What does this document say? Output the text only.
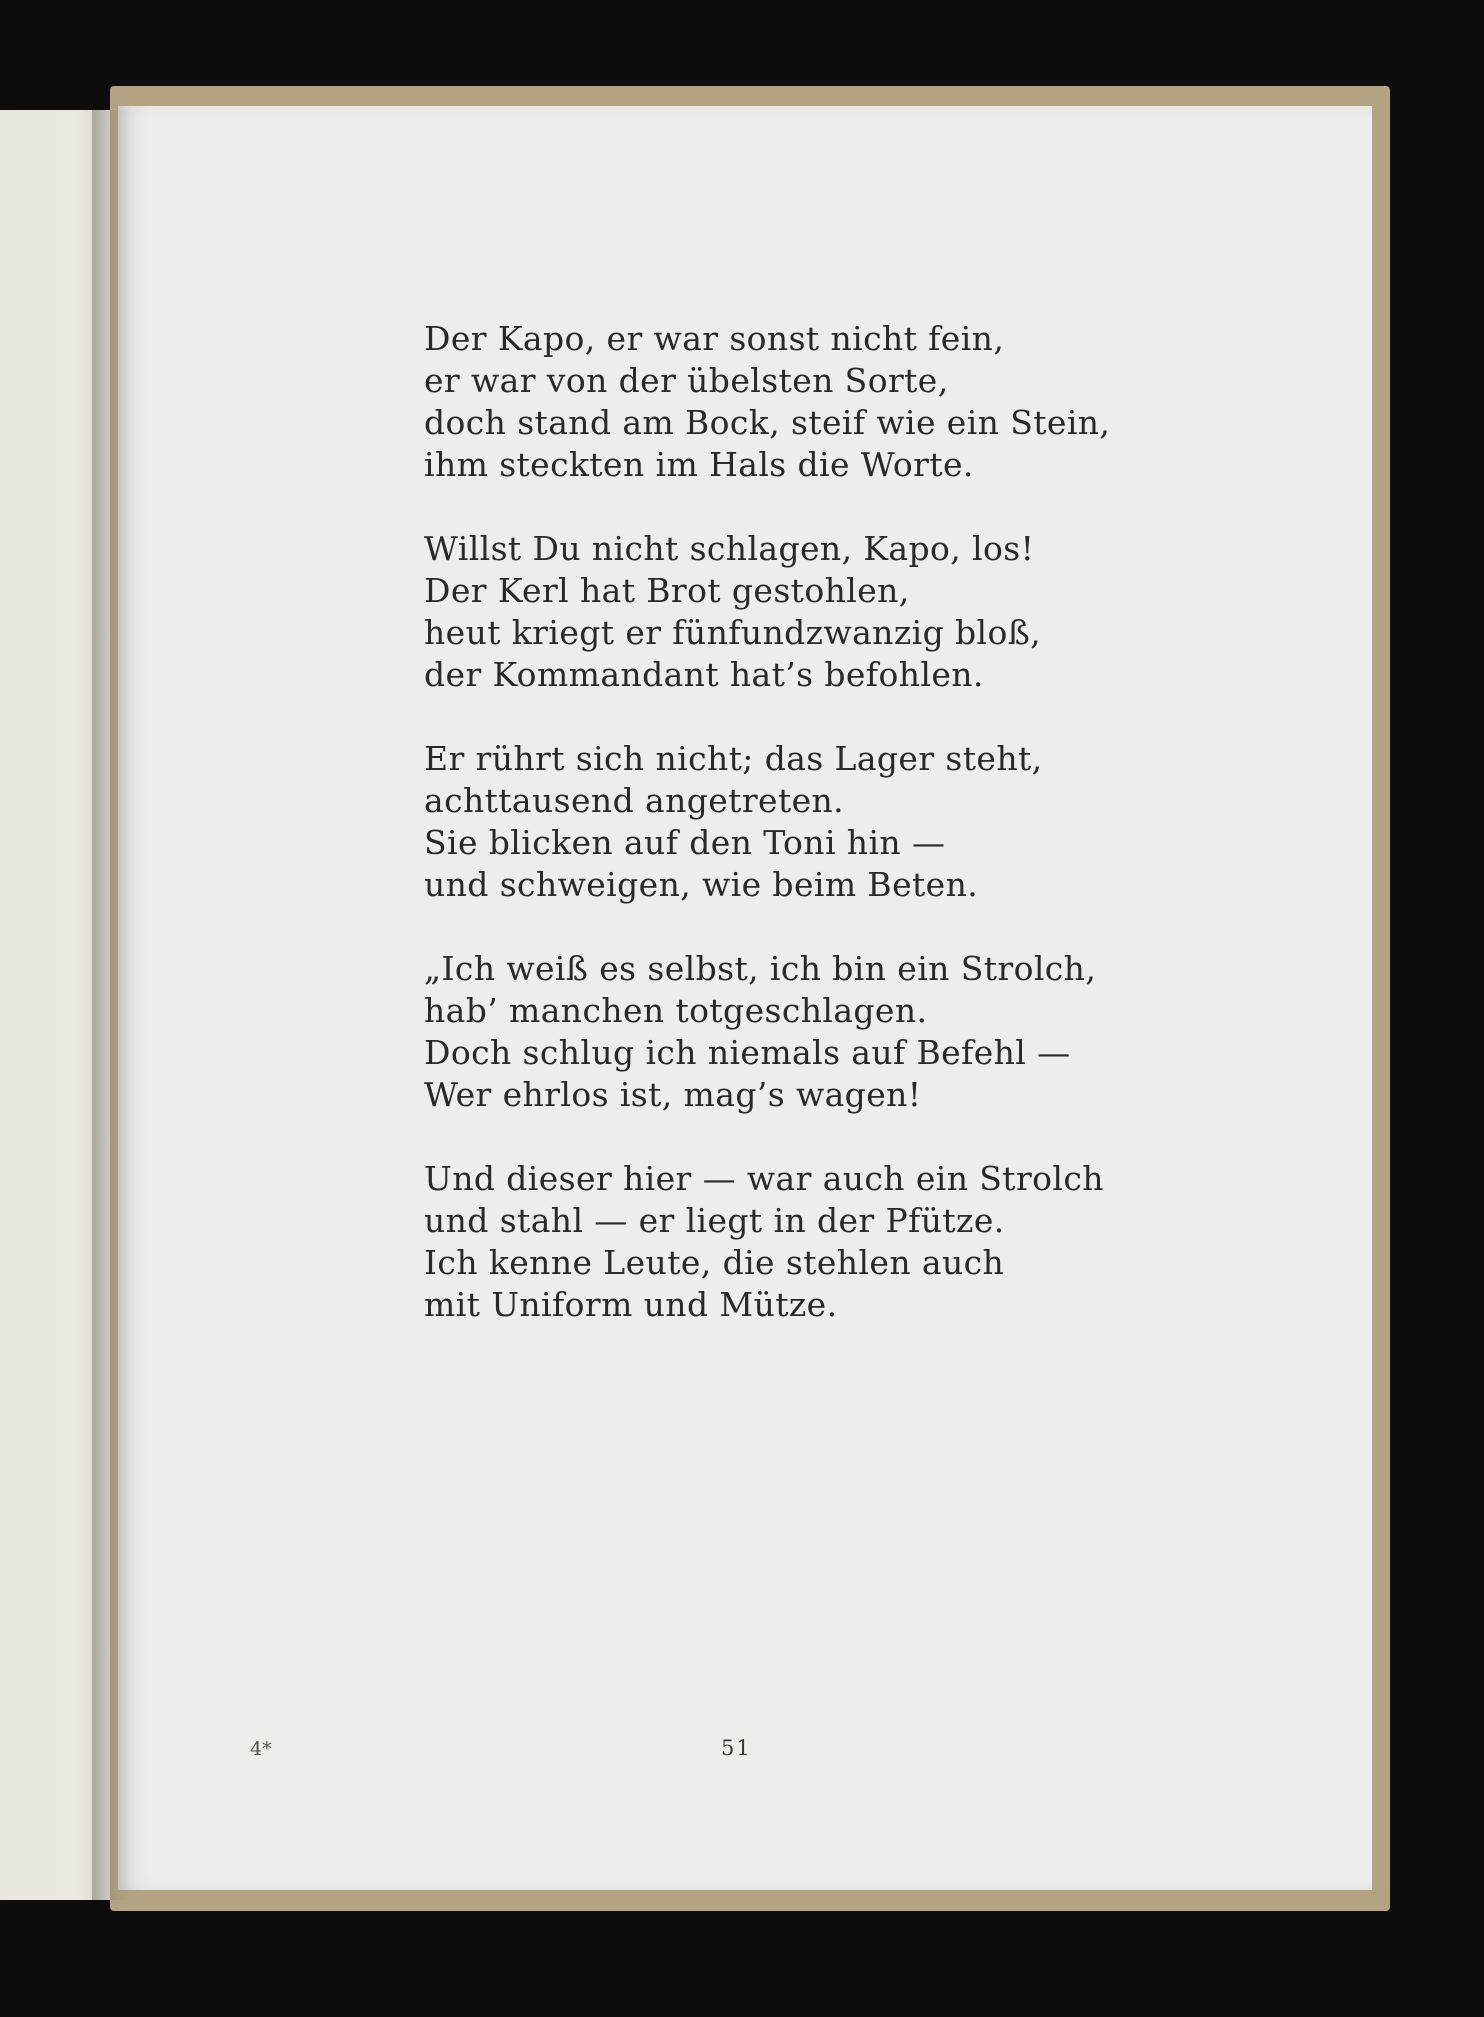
Der Kapo, er war sonst nicht fein,
er war von der übelsten Sorte,
doch stand am Bock, steif wie ein Stein,
ihm steckten im Hals die Worte.
Willst Du nicht schlagen, Kapo, los!
Der Kerl hat Brot gestohlen,
heut kriegt er fünfundzwanzig bloß,
der Kommandant hat’s befohlen.
Er rührt sich nicht; das Lager steht,
achttausend angetreten.
Sie blicken auf den Toni hin —
und schweigen, wie beim Beten.
„Ich weiß es selbst, ich bin ein Strolch,
hab’ manchen totgeschlagen.
Doch schlug ich niemals auf Befehl —
Wer ehrlos ist, mag’s wagen!
Und dieser hier — war auch ein Strolch
und stahl — er liegt in der Pfütze.
Ich kenne Leute, die stehlen auch
mit Uniform und Mütze.
4*	51
